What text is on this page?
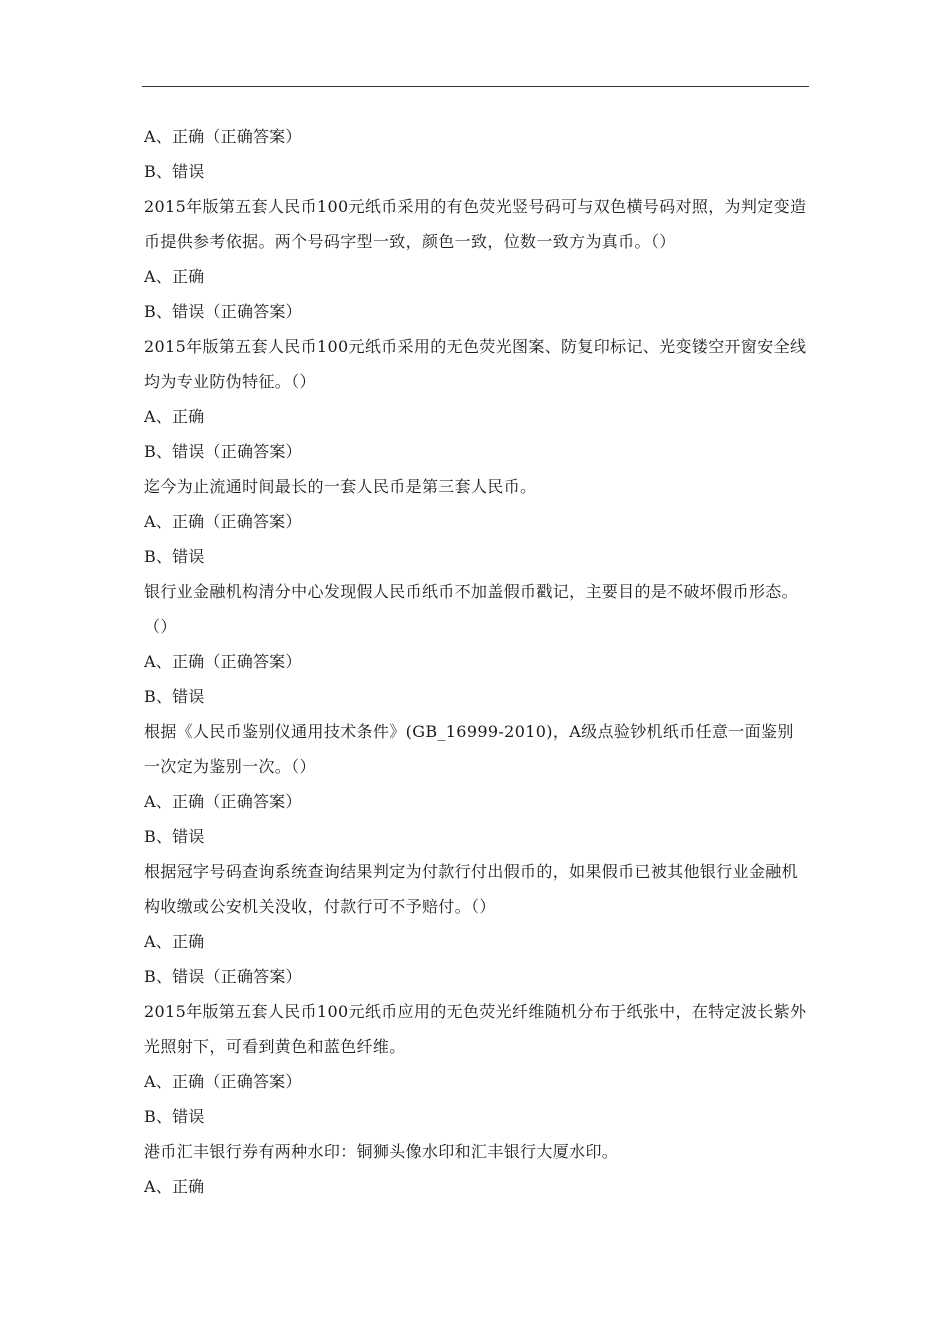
A、正确（正确答案）
B、错误
2015年版第五套人民币100元纸币采用的有色荧光竖号码可与双色横号码对照，为判定变造币提供参考依据。两个号码字型一致，颜色一致，位数一致方为真币。（）
A、正确
B、错误（正确答案）
2015年版第五套人民币100元纸币采用的无色荧光图案、防复印标记、光变镂空开窗安全线均为专业防伪特征。（）
A、正确
B、错误（正确答案）
迄今为止流通时间最长的一套人民币是第三套人民币。
A、正确（正确答案）
B、错误
银行业金融机构清分中心发现假人民币纸币不加盖假币戳记，主要目的是不破坏假币形态。（）
A、正确（正确答案）
B、错误
根据《人民币鉴别仪通用技术条件》(GB_16999-2010)，A级点验钞机纸币任意一面鉴别一次定为鉴别一次。（）
A、正确（正确答案）
B、错误
根据冠字号码查询系统查询结果判定为付款行付出假币的，如果假币已被其他银行业金融机构收缴或公安机关没收，付款行可不予赔付。（）
A、正确
B、错误（正确答案）
2015年版第五套人民币100元纸币应用的无色荧光纤维随机分布于纸张中，在特定波长紫外光照射下，可看到黄色和蓝色纤维。
A、正确（正确答案）
B、错误
港币汇丰银行券有两种水印：铜狮头像水印和汇丰银行大厦水印。
A、正确
